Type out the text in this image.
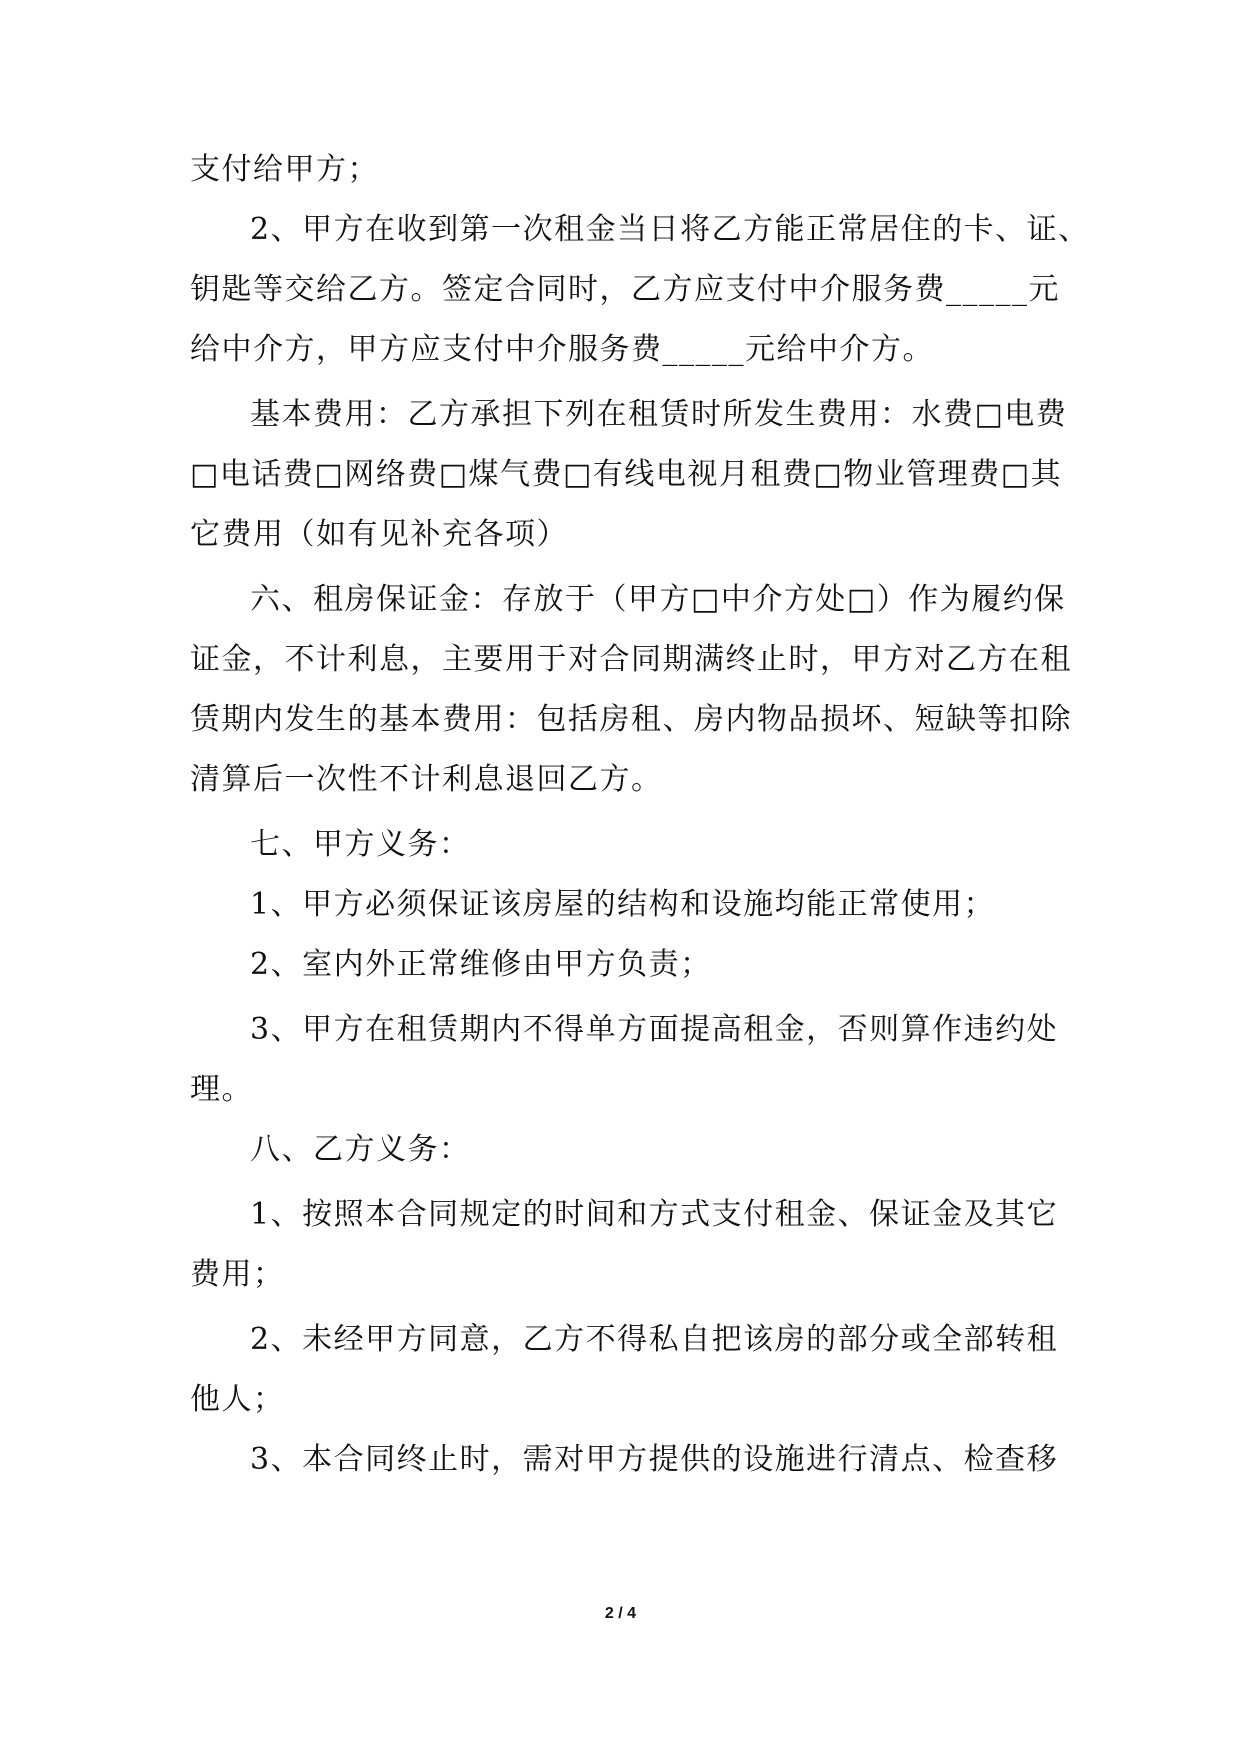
支付给甲方；
2、甲方在收到第一次租金当日将乙方能正常居住的卡、证、
钥匙等交给乙方。签定合同时，乙方应支付中介服务费_____元
给中介方，甲方应支付中介服务费_____元给中介方。
基本费用：乙方承担下列在租赁时所发生费用：水费□电费
□电话费□网络费□煤气费□有线电视月租费□物业管理费□其
它费用（如有见补充各项）
六、租房保证金：存放于（甲方□中介方处□）作为履约保
证金，不计利息，主要用于对合同期满终止时，甲方对乙方在租
赁期内发生的基本费用：包括房租、房内物品损坏、短缺等扣除
清算后一次性不计利息退回乙方。
七、甲方义务：
1、甲方必须保证该房屋的结构和设施均能正常使用；
2、室内外正常维修由甲方负责；
3、甲方在租赁期内不得单方面提高租金，否则算作违约处
理。
八、乙方义务：
1、按照本合同规定的时间和方式支付租金、保证金及其它
费用；
2、未经甲方同意，乙方不得私自把该房的部分或全部转租
他人；
3、本合同终止时，需对甲方提供的设施进行清点、检查移
2 / 4
